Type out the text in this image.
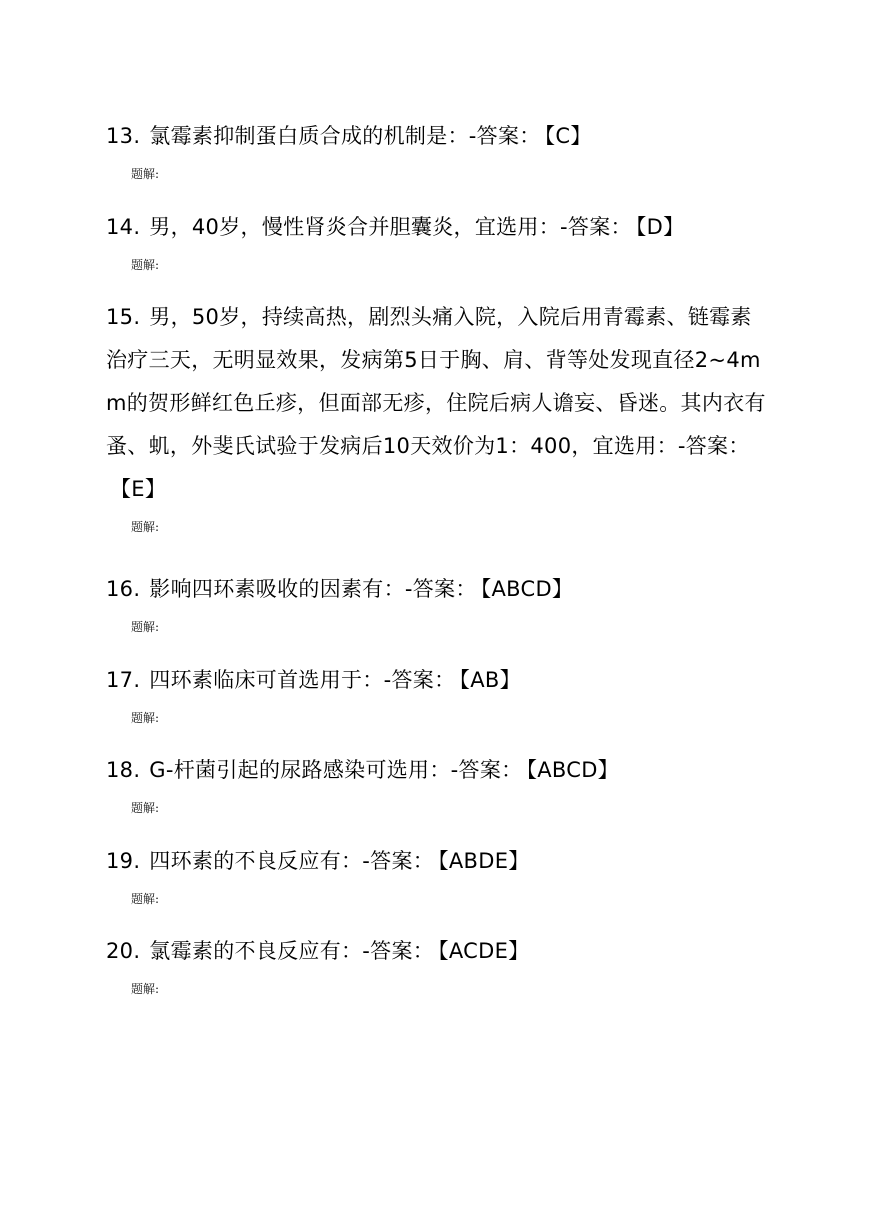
13. 氯霉素抑制蛋白质合成的机制是：-答案： 【C】

题解:

14. 男，40岁，慢性肾炎合并胆囊炎，宜选用：-答案： 【D】

题解:

15. 男，50岁，持续高热，剧烈头痛入院，入院后用青霉素、链霉素治疗三天，无明显效果，发病第5日于胸、肩、背等处发现直径2~4mm的贺形鲜红色丘疹，但面部无疹，住院后病人谵妄、昏迷。其内衣有蚤、虮，外斐氏试验于发病后10天效价为1：400，宜选用：-答案：【E】

题解:

16. 影响四环素吸收的因素有：-答案： 【ABCD】

题解:

17. 四环素临床可首选用于：-答案： 【AB】

题解:

18. G-杆菌引起的尿路感染可选用：-答案： 【ABCD】

题解:

19. 四环素的不良反应有：-答案： 【ABDE】

题解:

20. 氯霉素的不良反应有：-答案： 【ACDE】

题解:
